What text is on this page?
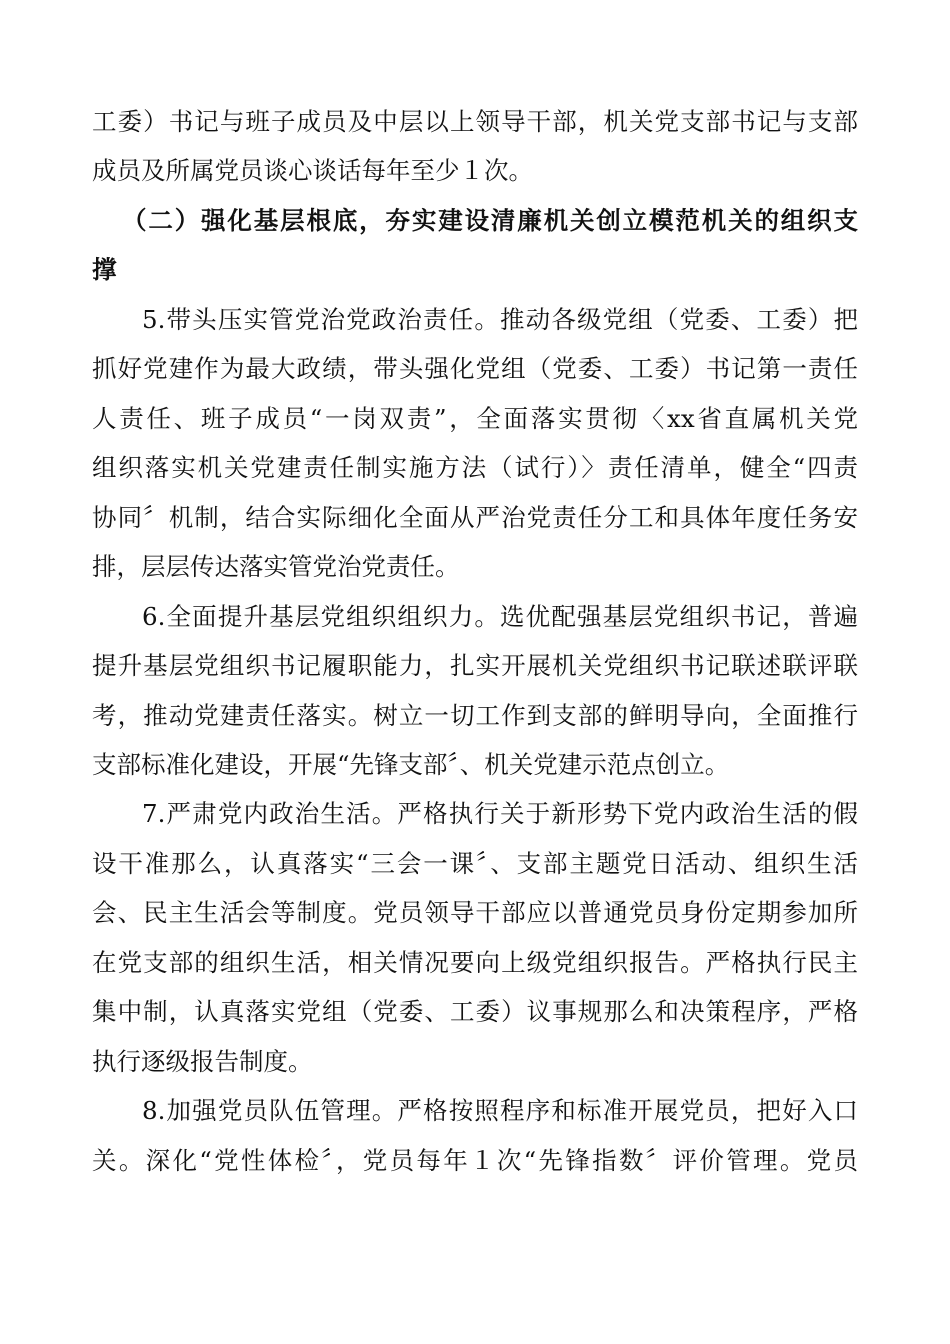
工委）书记与班子成员及中层以上领导干部，机关党支部书记与支部
成员及所属党员谈心谈话每年至少１次。
（二）强化基层根底，夯实建设清廉机关创立模范机关的组织支
撑
5.带头压实管党治党政治责任。推动各级党组（党委、工委）把
抓好党建作为最大政绩，带头强化党组（党委、工委）书记第一责任
人责任、班子成员“一岗双责”，全面落实贯彻〈xx省直属机关党
组织落实机关党建责任制实施方法（试行）〉责任清单，健全“四责
协同〞机制，结合实际细化全面从严治党责任分工和具体年度任务安
排，层层传达落实管党治党责任。
6.全面提升基层党组织组织力。选优配强基层党组织书记，普遍
提升基层党组织书记履职能力，扎实开展机关党组织书记联述联评联
考，推动党建责任落实。树立一切工作到支部的鲜明导向，全面推行
支部标准化建设，开展“先锋支部〞、机关党建示范点创立。
7.严肃党内政治生活。严格执行关于新形势下党内政治生活的假
设干准那么，认真落实“三会一课〞、支部主题党日活动、组织生活
会、民主生活会等制度。党员领导干部应以普通党员身份定期参加所
在党支部的组织生活，相关情况要向上级党组织报告。严格执行民主
集中制，认真落实党组（党委、工委）议事规那么和决策程序，严格
执行逐级报告制度。
8.加强党员队伍管理。严格按照程序和标准开展党员，把好入口
关。深化“党性体检〞，党员每年１次“先锋指数〞评价管理。党员
